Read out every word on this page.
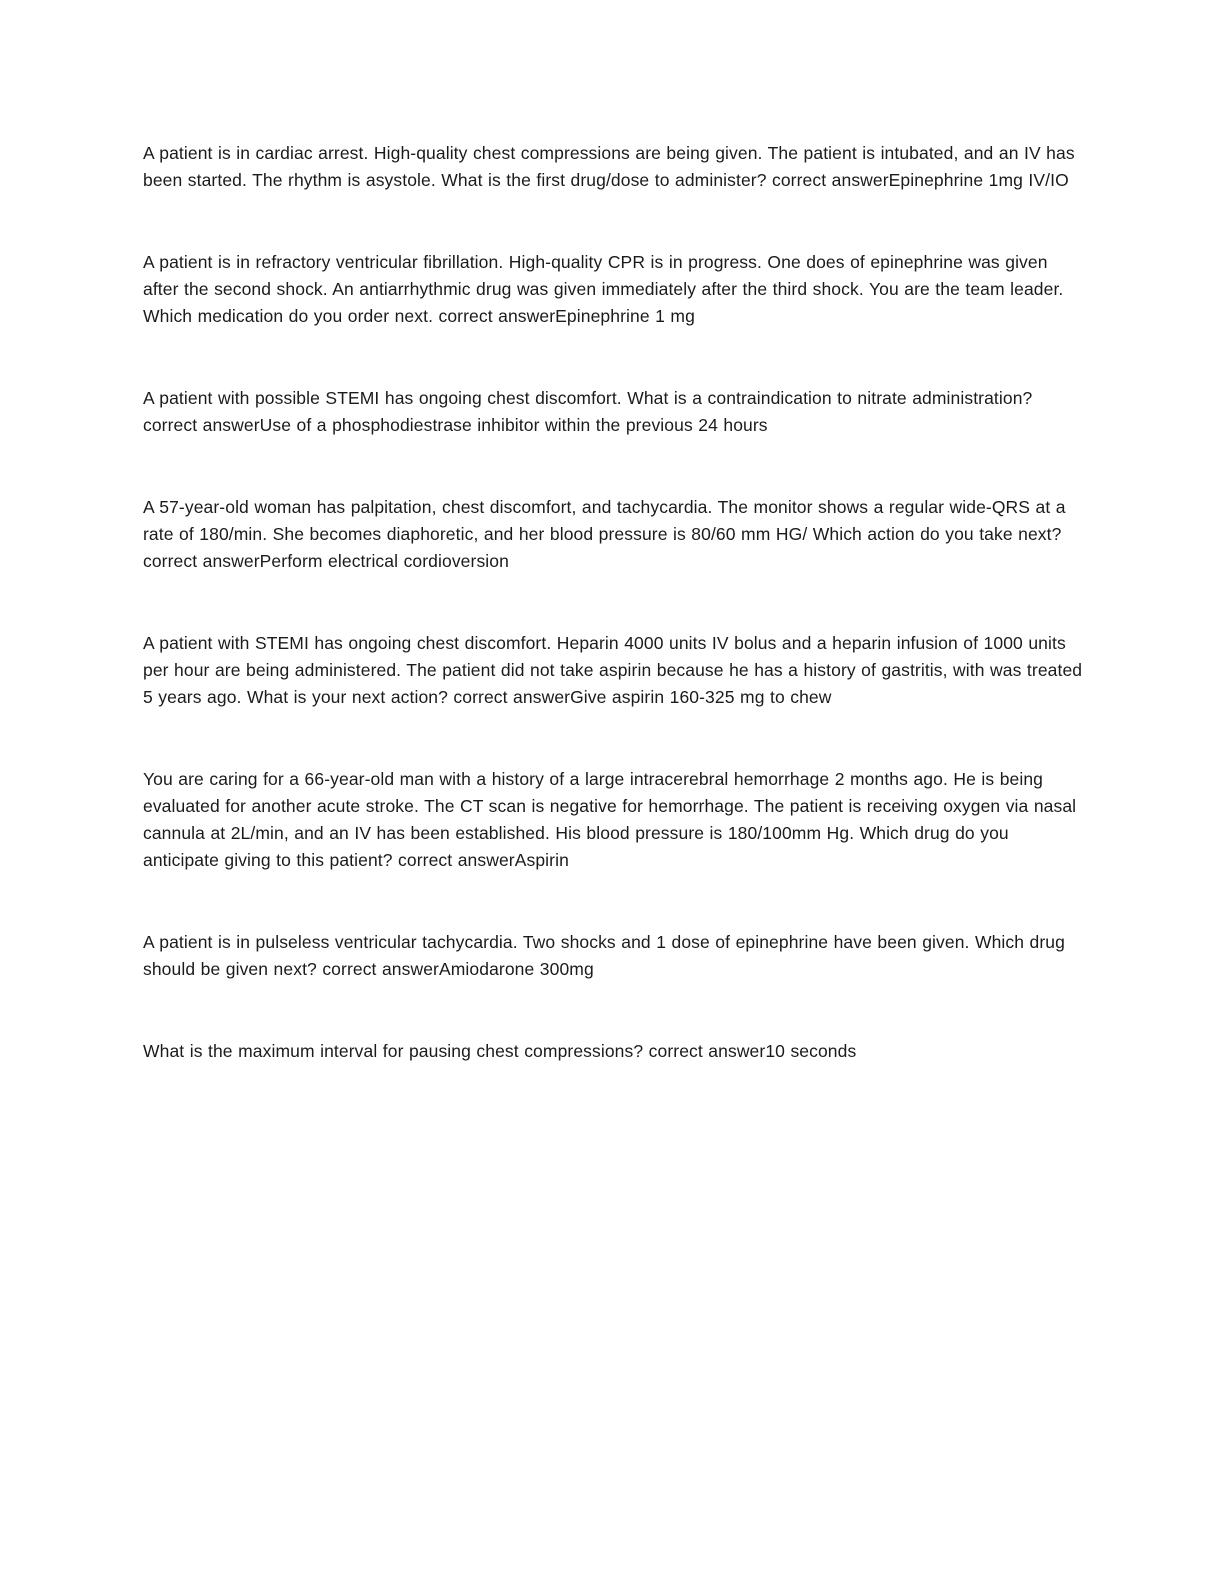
A patient is in cardiac arrest. High-quality chest compressions are being given. The patient is intubated, and an IV has been started. The rhythm is asystole. What is the first drug/dose to administer? correct answerEpinephrine 1mg IV/IO

A patient is in refractory ventricular fibrillation. High-quality CPR is in progress. One does of epinephrine was given after the second shock. An antiarrhythmic drug was given immediately after the third shock. You are the team leader. Which medication do you order next. correct answerEpinephrine 1 mg

A patient with possible STEMI has ongoing chest discomfort. What is a contraindication to nitrate administration? correct answerUse of a phosphodiestrase inhibitor within the previous 24 hours

A 57-year-old woman has palpitation, chest discomfort, and tachycardia. The monitor shows a regular wide-QRS at a rate of 180/min. She becomes diaphoretic, and her blood pressure is 80/60 mm HG/ Which action do you take next? correct answerPerform electrical cordioversion

A patient with STEMI has ongoing chest discomfort. Heparin 4000 units IV bolus and a heparin infusion of 1000 units per hour are being administered. The patient did not take aspirin because he has a history of gastritis, with was treated 5 years ago. What is your next action? correct answerGive aspirin 160-325 mg to chew

You are caring for a 66-year-old man with a history of a large intracerebral hemorrhage 2 months ago. He is being evaluated for another acute stroke. The CT scan is negative for hemorrhage. The patient is receiving oxygen via nasal cannula at 2L/min, and an IV has been established. His blood pressure is 180/100mm Hg. Which drug do you anticipate giving to this patient? correct answerAspirin

A patient is in pulseless ventricular tachycardia. Two shocks and 1 dose of epinephrine have been given. Which drug should be given next? correct answerAmiodarone 300mg

What is the maximum interval for pausing chest compressions? correct answer10 seconds
